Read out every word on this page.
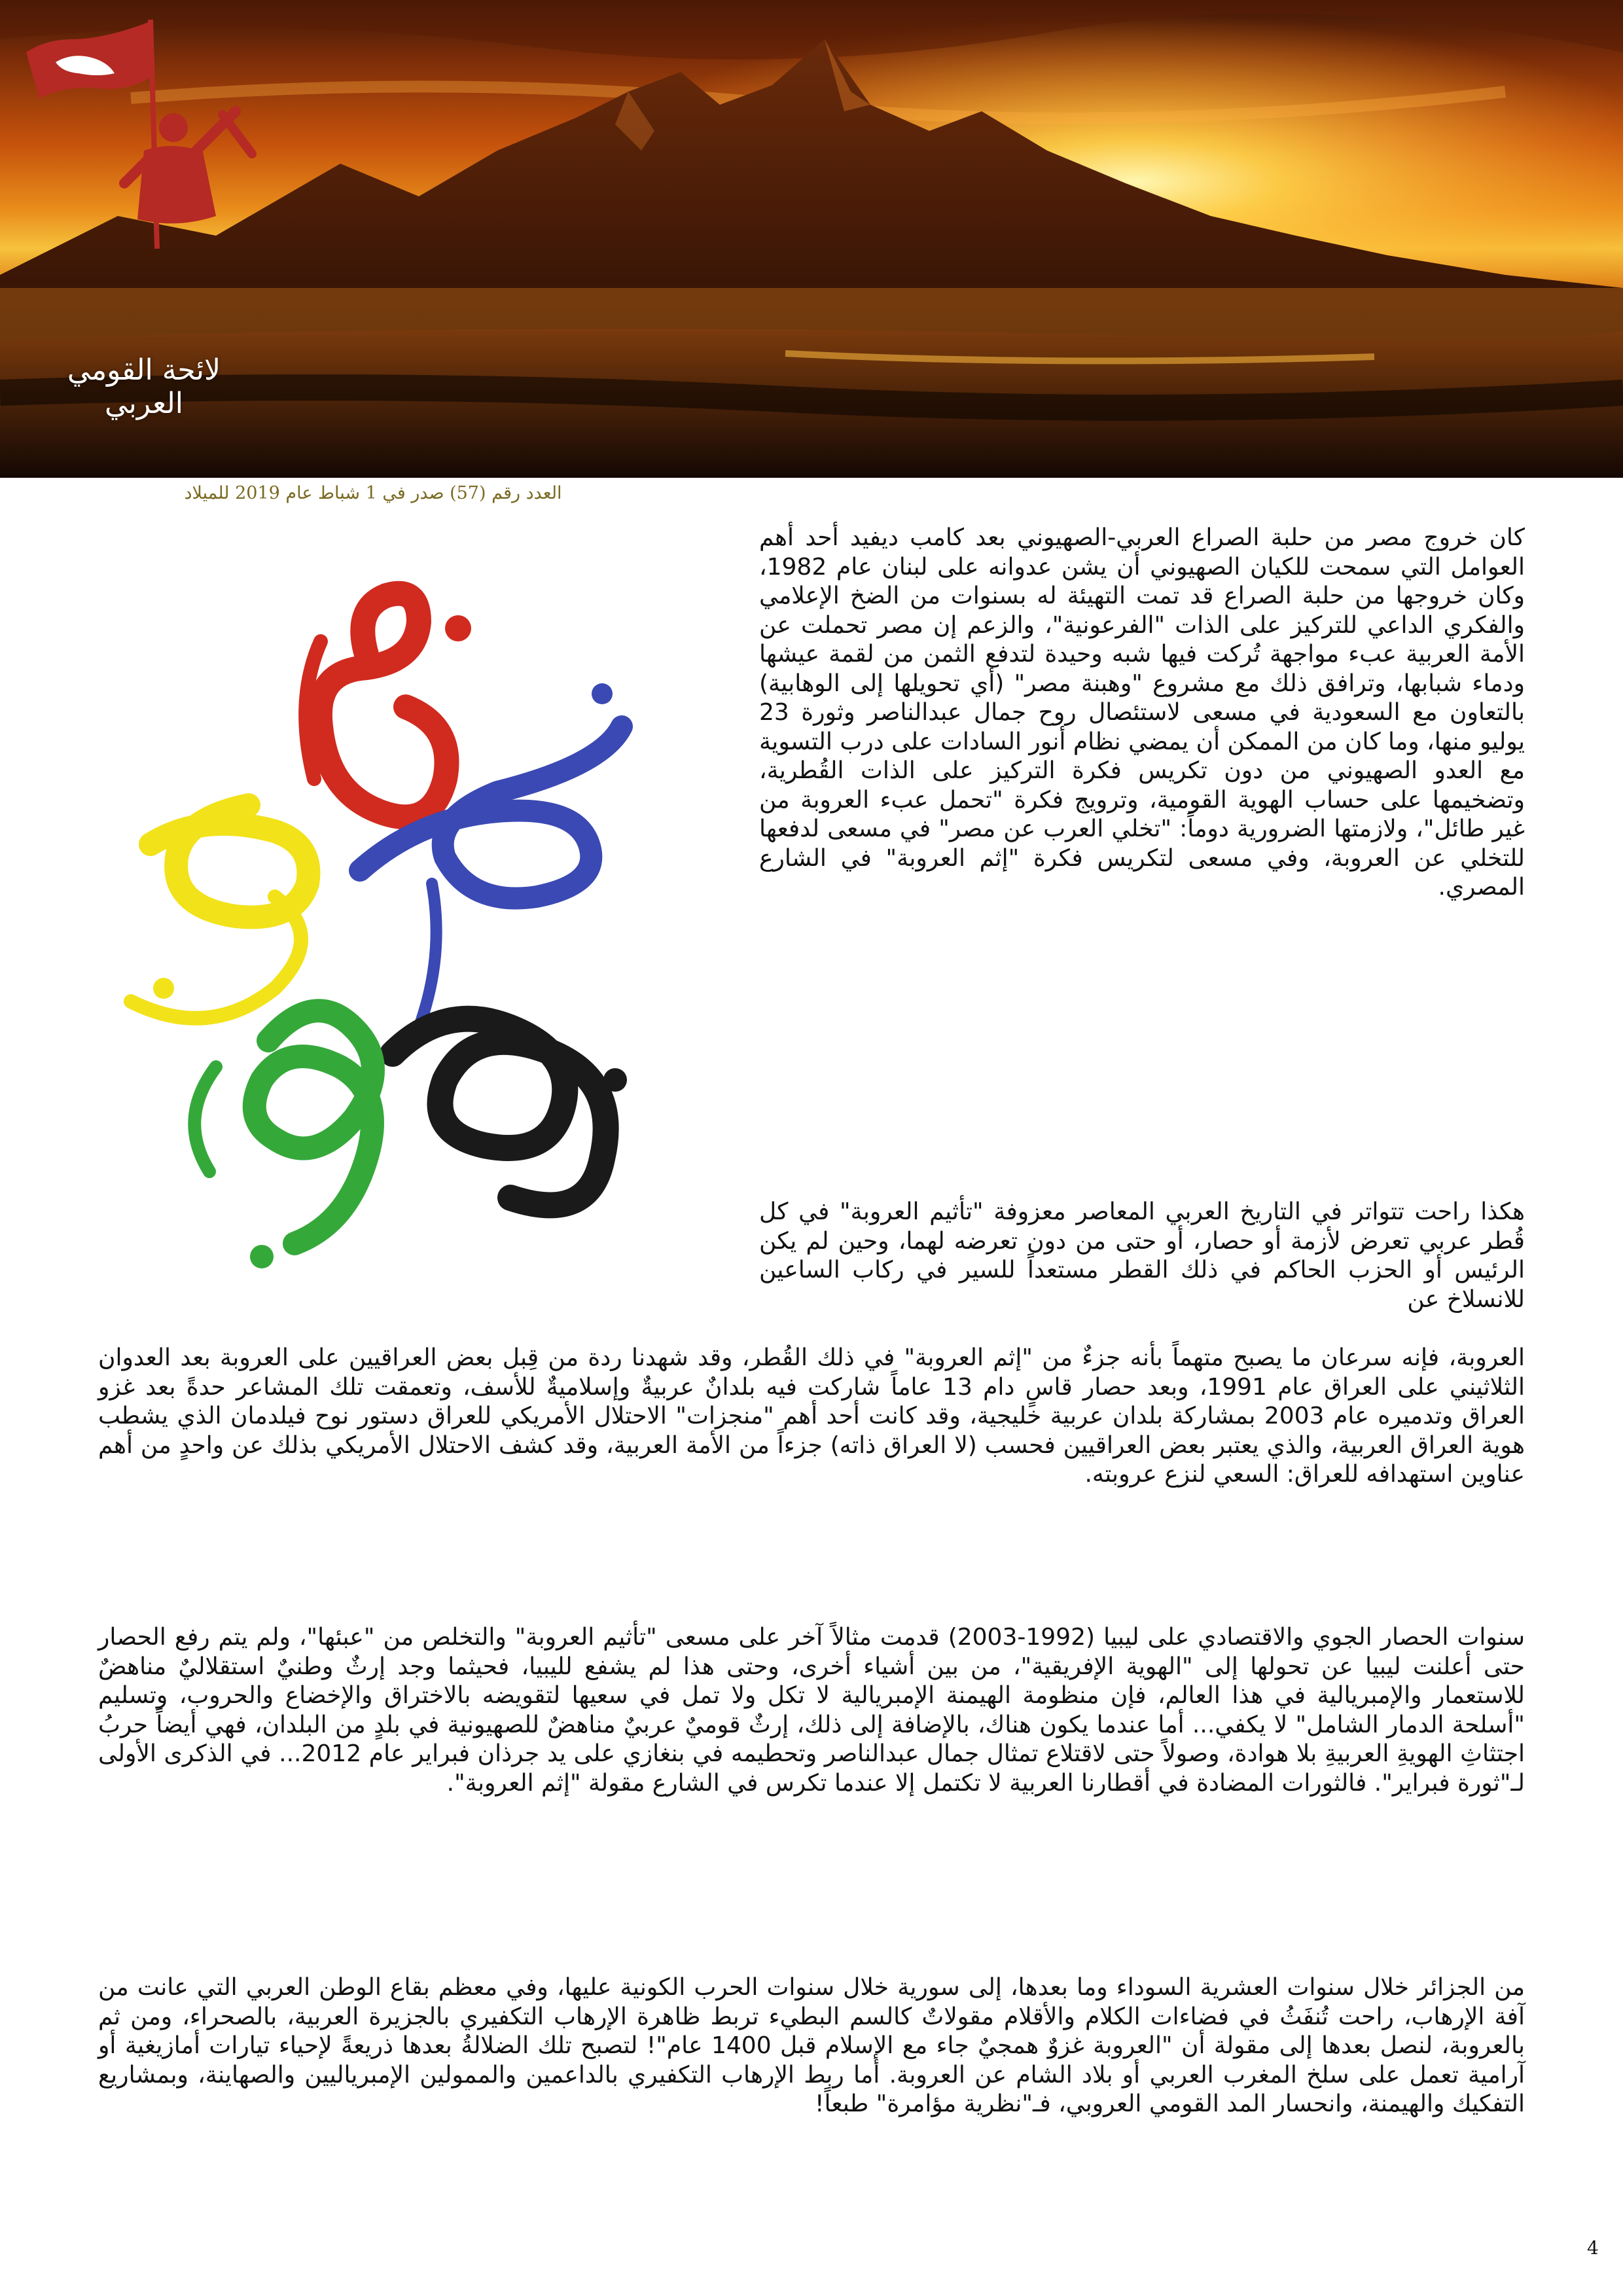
لائحة القومي العربي
العدد رقم (57) صدر في 1 شباط عام 2019 للميلاد

كان خروج مصر من حلبة الصراع العربي-الصهيوني بعد كامب ديفيد أحد أهم العوامل التي سمحت للكيان الصهيوني أن يشن عدوانه على لبنان عام 1982، وكان خروجها من حلبة الصراع قد تمت التهيئة له بسنوات من الضخ الإعلامي والفكري الداعي للتركيز على الذات "الفرعونية"، والزعم إن مصر تحملت عن الأمة العربية عبء مواجهة تُركت فيها شبه وحيدة لتدفع الثمن من لقمة عيشها ودماء شبابها، وترافق ذلك مع مشروع "وهبنة مصر" (أي تحويلها إلى الوهابية) بالتعاون مع السعودية في مسعى لاستئصال روح جمال عبدالناصر وثورة 23 يوليو منها، وما كان من الممكن أن يمضي نظام أنور السادات على درب التسوية مع العدو الصهيوني من دون تكريس فكرة التركيز على الذات القُطرية، وتضخيمها على حساب الهوية القومية، وترويج فكرة "تحمل عبء العروبة من غير طائل"، ولازمتها الضرورية دوماً: "تخلي العرب عن مصر" في مسعى لدفعها للتخلي عن العروبة، وفي مسعى لتكريس فكرة "إثم العروبة" في الشارع المصري.

هكذا راحت تتواتر في التاريخ العربي المعاصر معزوفة "تأثيم العروبة" في كل قُطر عربي تعرض لأزمة أو حصار، أو حتى من دون تعرضه لهما، وحين لم يكن الرئيس أو الحزب الحاكم في ذلك القطر مستعداً للسير في ركاب الساعين للانسلاخ عن

العروبة، فإنه سرعان ما يصبح متهماً بأنه جزءٌ من "إثم العروبة" في ذلك القُطر، وقد شهدنا ردة من قِبل بعض العراقيين على العروبة بعد العدوان الثلاثيني على العراق عام 1991، وبعد حصار قاسٍ دام 13 عاماً شاركت فيه بلدانٌ عربيةٌ وإسلاميةٌ للأسف، وتعمقت تلك المشاعر حدةً بعد غزو العراق وتدميره عام 2003 بمشاركة بلدان عربية خليجية، وقد كانت أحد أهم "منجزات" الاحتلال الأمريكي للعراق دستور نوح فيلدمان الذي يشطب هوية العراق العربية، والذي يعتبر بعض العراقيين فحسب (لا العراق ذاته) جزءاً من الأمة العربية، وقد كشف الاحتلال الأمريكي بذلك عن واحدٍ من أهم عناوين استهدافه للعراق: السعي لنزع عروبته.

سنوات الحصار الجوي والاقتصادي على ليبيا (1992-2003) قدمت مثالاً آخر على مسعى "تأثيم العروبة" والتخلص من "عبئها"، ولم يتم رفع الحصار حتى أعلنت ليبيا عن تحولها إلى "الهوية الإفريقية"، من بين أشياء أخرى، وحتى هذا لم يشفع لليبيا، فحيثما وجد إرثٌ وطنيٌ استقلاليٌ مناهضٌ للاستعمار والإمبريالية في هذا العالم، فإن منظومة الهيمنة الإمبريالية لا تكل ولا تمل في سعيها لتقويضه بالاختراق والإخضاع والحروب، وتسليم "أسلحة الدمار الشامل" لا يكفي... أما عندما يكون هناك، بالإضافة إلى ذلك، إرثٌ قوميٌ عربيٌ مناهضٌ للصهيونية في بلدٍ من البلدان، فهي أيضاً حربُ اجتثاثِ الهويةِ العربيةِ بلا هوادة، وصولاً حتى لاقتلاع تمثال جمال عبدالناصر وتحطيمه في بنغازي على يد جرذان فبراير عام 2012... في الذكرى الأولى لـ"ثورة فبراير". فالثورات المضادة في أقطارنا العربية لا تكتمل إلا عندما تكرس في الشارع مقولة "إثم العروبة".

من الجزائر خلال سنوات العشرية السوداء وما بعدها، إلى سورية خلال سنوات الحرب الكونية عليها، وفي معظم بقاع الوطن العربي التي عانت من آفة الإرهاب، راحت تُنفَثُ في فضاءات الكلام والأقلام مقولاتٌ كالسم البطيء تربط ظاهرة الإرهاب التكفيري بالجزيرة العربية، بالصحراء، ومن ثم بالعروبة، لنصل بعدها إلى مقولة أن "العروبة غزوٌ همجيٌ جاء مع الإسلام قبل 1400 عام"! لتصبح تلك الضلالةُ بعدها ذريعةً لإحياء تيارات أمازيغية أو آرامية تعمل على سلخ المغرب العربي أو بلاد الشام عن العروبة. أما ربط الإرهاب التكفيري بالداعمين والممولين الإمبرياليين والصهاينة، وبمشاريع التفكيك والهيمنة، وانحسار المد القومي العروبي، فـ"نظرية مؤامرة" طبعاً!

4
